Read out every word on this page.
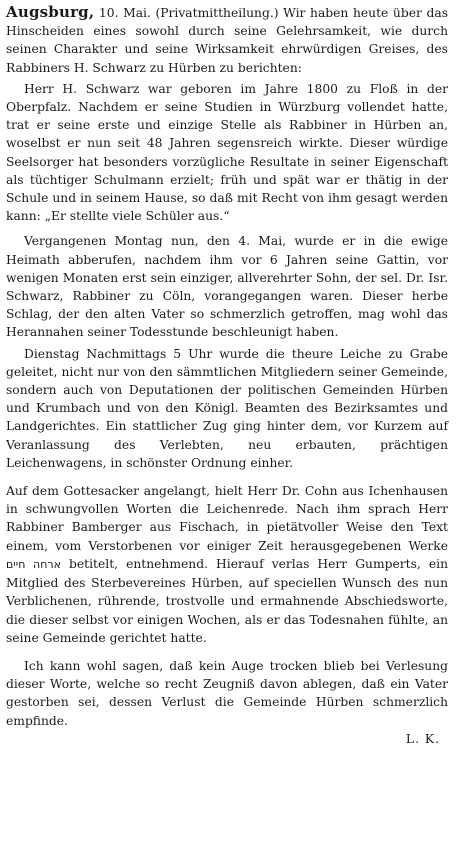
Augsburg, 10. Mai. (Privatmittheilung.) Wir haben heute über das Hinscheiden eines sowohl durch seine Gelehrsamkeit, wie durch seinen Charakter und seine Wirksamkeit ehrwürdigen Greises, des Rabbiners H. Schwarz zu Hürben zu berichten:

Herr H. Schwarz war geboren im Jahre 1800 zu Floß in der Oberpfalz. Nachdem er seine Studien in Würzburg vollendet hatte, trat er seine erste und einzige Stelle als Rabbiner in Hürben an, woselbst er nun seit 48 Jahren segensreich wirkte. Dieser würdige Seelsorger hat besonders vorzügliche Resultate in seiner Eigenschaft als tüchtiger Schulmann erzielt; früh und spät war er thätig in der Schule und in seinem Hause, so daß mit Recht von ihm gesagt werden kann: „Er stellte viele Schüler aus.“

Vergangenen Montag nun, den 4. Mai, wurde er in die ewige Heimath abberufen, nachdem ihm vor 6 Jahren seine Gattin, vor wenigen Monaten erst sein einziger, allverehrter Sohn, der sel. Dr. Isr. Schwarz, Rabbiner zu Cöln, vorangegangen waren. Dieser herbe Schlag, der den alten Vater so schmerzlich getroffen, mag wohl das Herannahen seiner Todesstunde beschleunigt haben.

Dienstag Nachmittags 5 Uhr wurde die theure Leiche zu Grabe geleitet, nicht nur von den sämmtlichen Mitgliedern seiner Gemeinde, sondern auch von Deputationen der politischen Gemeinden Hürben und Krumbach und von den Königl. Beamten des Bezirksamtes und Landgerichtes. Ein stattlicher Zug ging hinter dem, vor Kurzem auf Veranlassung des Verlebten, neu erbauten, prächtigen Leichenwagens, in schönster Ordnung einher.

Auf dem Gottesacker angelangt, hielt Herr Dr. Cohn aus Ichenhausen in schwungvollen Worten die Leichenrede. Nach ihm sprach Herr Rabbiner Bamberger aus Fischach, in pietätvoller Weise den Text einem, vom Verstorbenen vor einiger Zeit herausgegebenen Werke ארחה חיים betitelt, entnehmend. Hierauf verlas Herr Gumperts, ein Mitglied des Sterbevereines Hürben, auf speciellen Wunsch des nun Verblichenen, rührende, trostvolle und ermahnende Abschiedsworte, die dieser selbst vor einigen Wochen, als er das Todesnahen fühlte, an seine Gemeinde gerichtet hatte.

Ich kann wohl sagen, daß kein Auge trocken blieb bei Verlesung dieser Worte, welche so recht Zeugniß davon ablegen, daß ein Vater gestorben sei, dessen Verlust die Gemeinde Hürben schmerzlich empfinde.

L. K.
